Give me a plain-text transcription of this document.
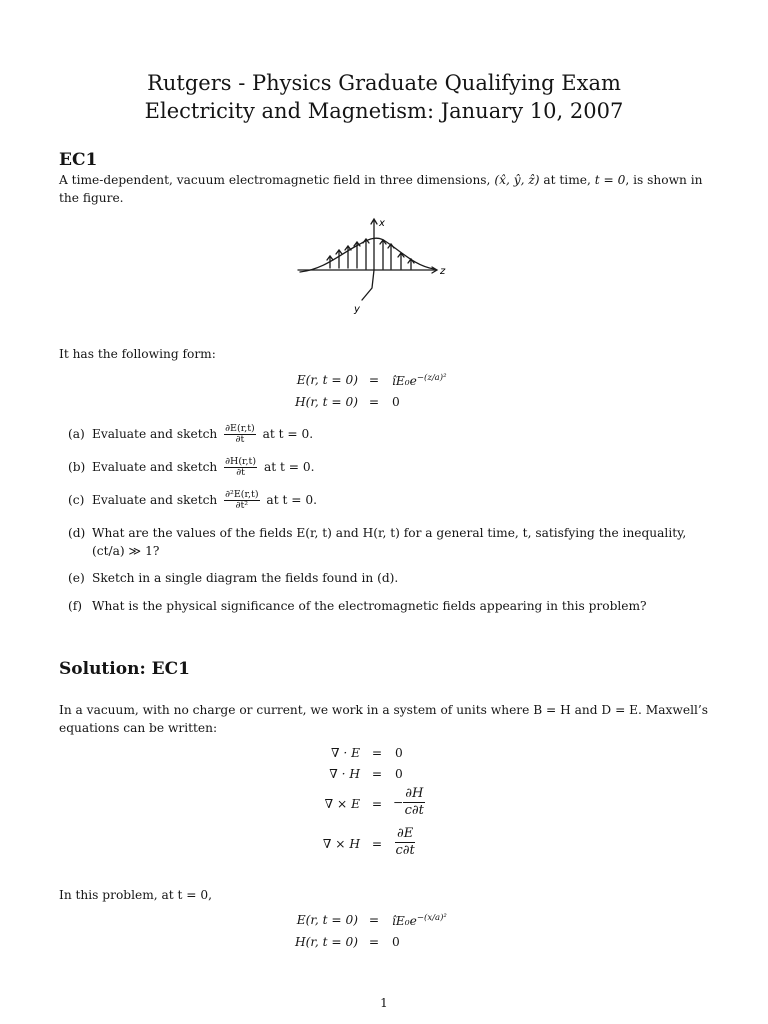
Rutgers - Physics Graduate Qualifying Exam
Electricity and Magnetism: January 10, 2007
EC1
A time-dependent, vacuum electromagnetic field in three dimensions, (x̂, ŷ, ẑ) at time, t = 0, is shown in the figure.
x
z
y
It has the following form:
E(r, $t = 0) = îE_0e^{-(z/a)^2}$
H(r, t = 0) = 0
(a) Evaluate and sketch $\frac{\partial E(r,t)}{\partial t}$ at t = 0.
(b) Evaluate and sketch $\frac{\partial H(r,t)}{\partial t}$ at t = 0.
(c) Evaluate and sketch $\frac{\text{∂²E(r,t)}}{\text{∂t²}}$ at t = 0.
(d) What are the values of the fields E(r, t) and H(r, t) for a general time, t, satisfying the inequality,
(ct/a) ≫ 1?
(e) Sketch in a single diagram the fields found in (d).
(f) What is the physical significance of the electromagnetic fields appearing in this problem?
Solution: EC1
In a vacuum, with no charge or current, we work in a system of units where B = H and D = E. Maxwell’s
equations can be written:
∇ · E = 0
∇ · H = 0
∇ × E = − $\frac{\partial H}{c\partial t}$
∇ × $H = \frac{\partial E}{c\partial t}$
In this problem, at t = 0,
E(r, $t = 0) = îE_0e^{-(x/a)^2}$
H(r, t = 0) = 0
1
